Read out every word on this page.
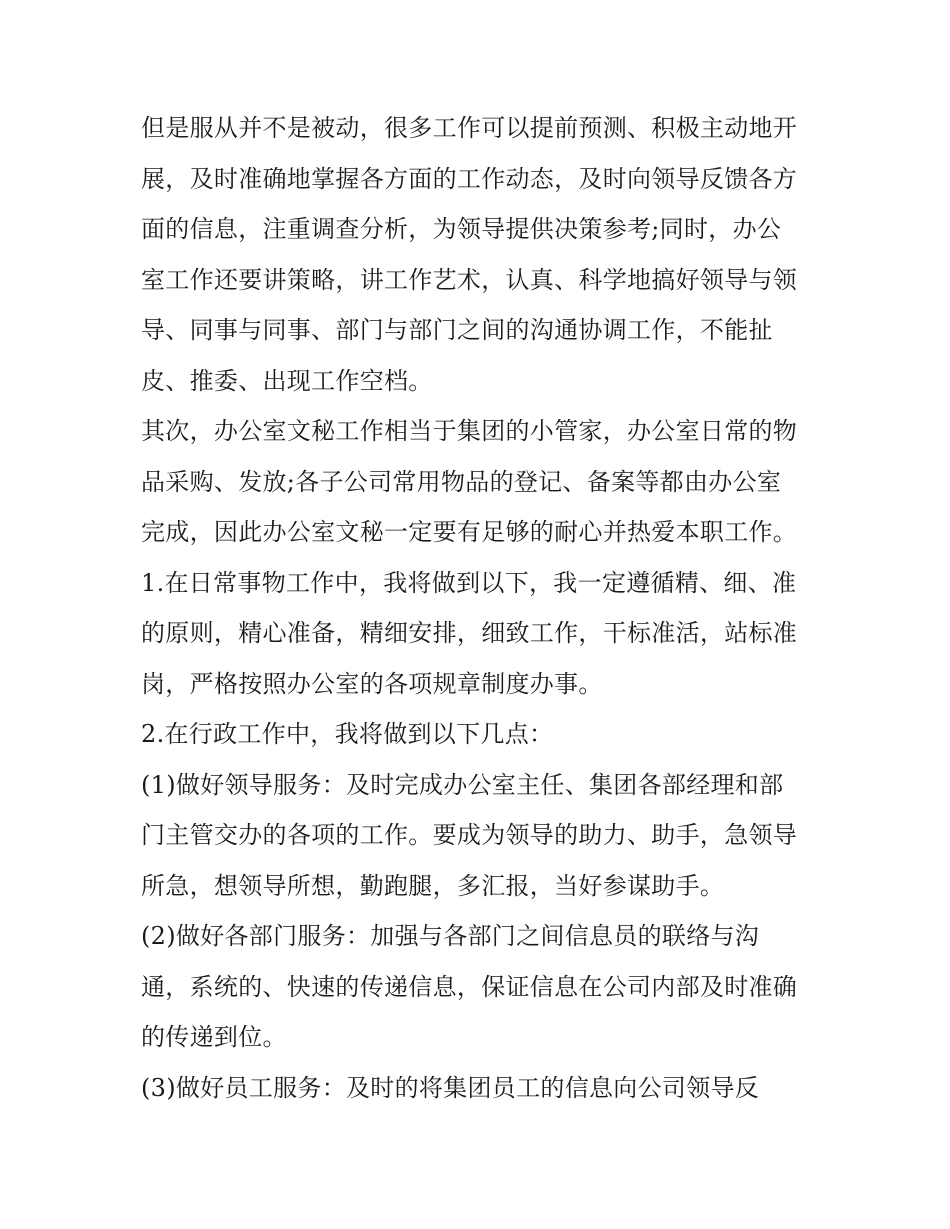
但是服从并不是被动，很多工作可以提前预测、积极主动地开
展，及时准确地掌握各方面的工作动态，及时向领导反馈各方
面的信息，注重调查分析，为领导提供决策参考;同时，办公
室工作还要讲策略，讲工作艺术，认真、科学地搞好领导与领
导、同事与同事、部门与部门之间的沟通协调工作，不能扯
皮、推委、出现工作空档。
其次，办公室文秘工作相当于集团的小管家，办公室日常的物
品采购、发放;各子公司常用物品的登记、备案等都由办公室
完成，因此办公室文秘一定要有足够的耐心并热爱本职工作。
1.在日常事物工作中，我将做到以下，我一定遵循精、细、准
的原则，精心准备，精细安排，细致工作，干标准活，站标准
岗，严格按照办公室的各项规章制度办事。
2.在行政工作中，我将做到以下几点：
(1)做好领导服务：及时完成办公室主任、集团各部经理和部
门主管交办的各项的工作。要成为领导的助力、助手，急领导
所急，想领导所想，勤跑腿，多汇报，当好参谋助手。
(2)做好各部门服务：加强与各部门之间信息员的联络与沟
通，系统的、快速的传递信息，保证信息在公司内部及时准确
的传递到位。
(3)做好员工服务：及时的将集团员工的信息向公司领导反
